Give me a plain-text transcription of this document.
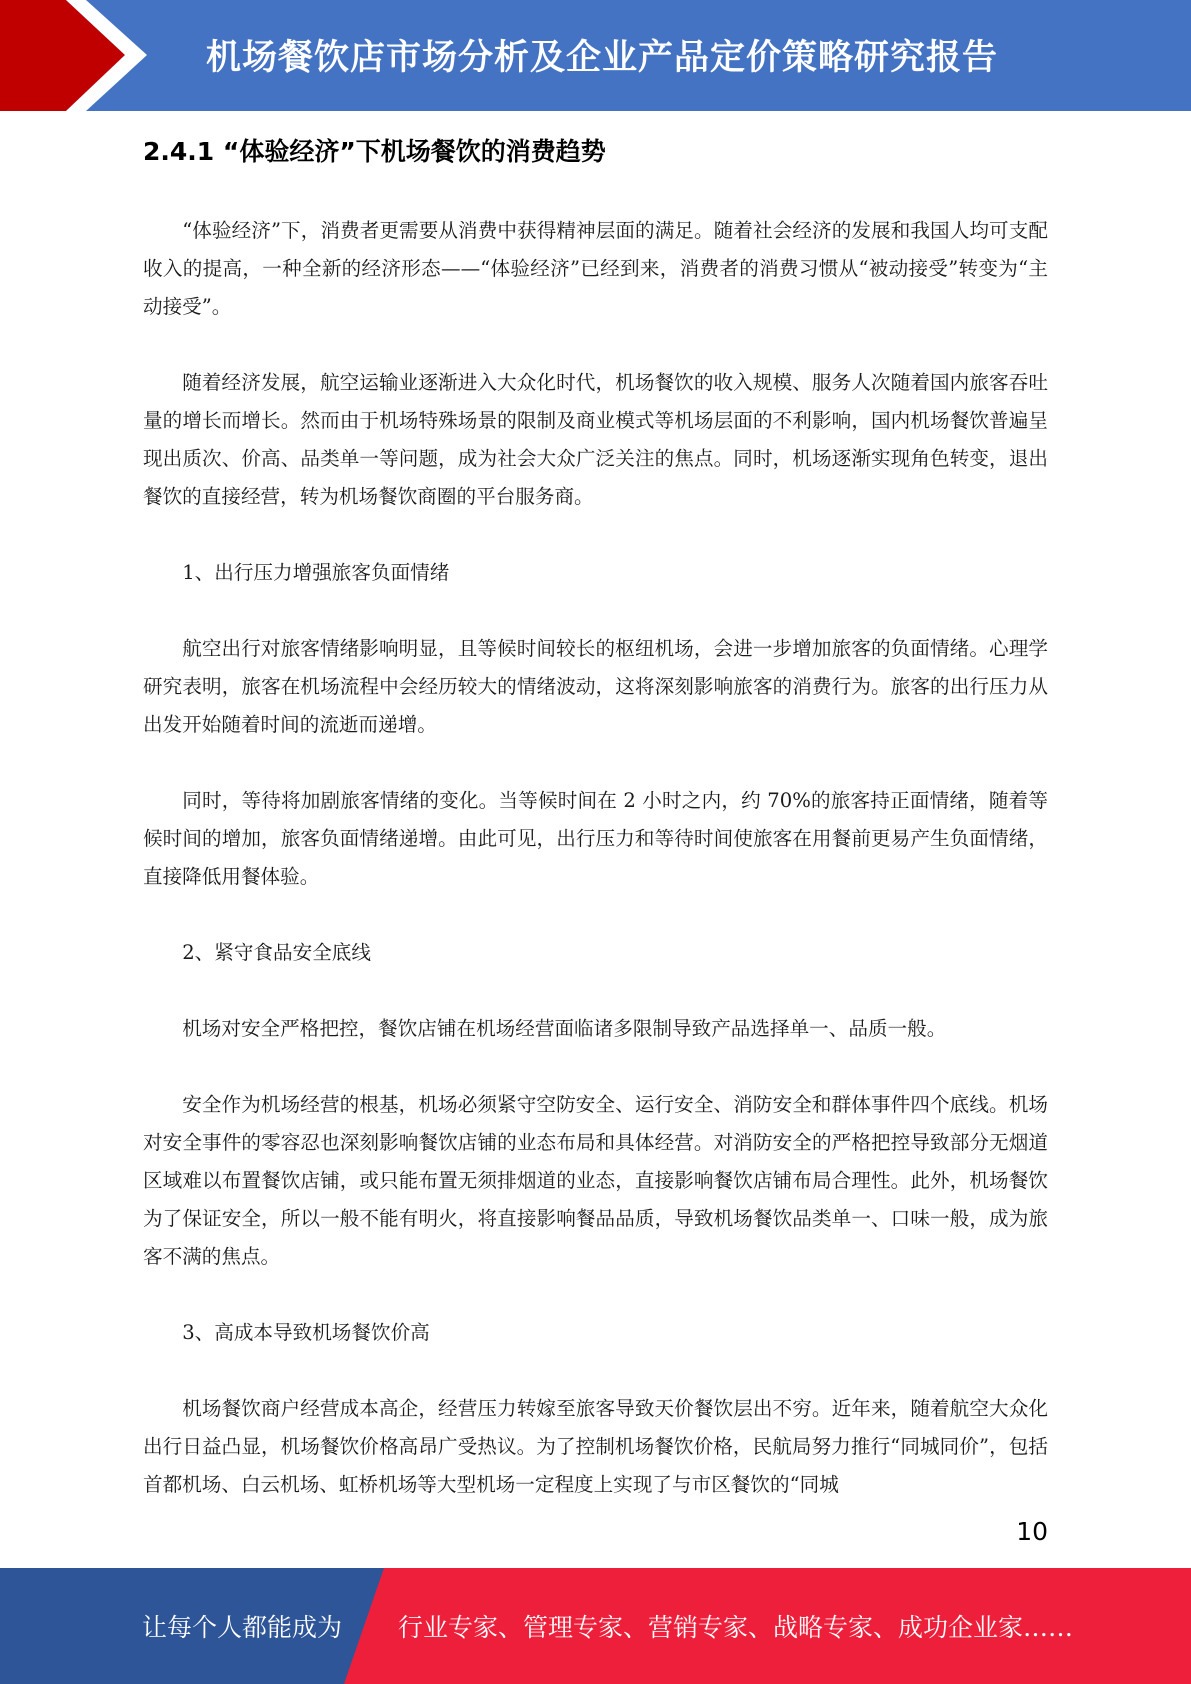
机场餐饮店市场分析及企业产品定价策略研究报告
2.4.1 “体验经济”下机场餐饮的消费趋势

“体验经济”下，消费者更需要从消费中获得精神层面的满足。随着社会经济的发展和我国人均可支配收入的提高，一种全新的经济形态——“体验经济”已经到来，消费者的消费习惯从“被动接受”转变为“主动接受”。

随着经济发展，航空运输业逐渐进入大众化时代，机场餐饮的收入规模、服务人次随着国内旅客吞吐量的增长而增长。然而由于机场特殊场景的限制及商业模式等机场层面的不利影响，国内机场餐饮普遍呈现出质次、价高、品类单一等问题，成为社会大众广泛关注的焦点。同时，机场逐渐实现角色转变，退出餐饮的直接经营，转为机场餐饮商圈的平台服务商。

1、出行压力增强旅客负面情绪

航空出行对旅客情绪影响明显，且等候时间较长的枢纽机场，会进一步增加旅客的负面情绪。心理学研究表明，旅客在机场流程中会经历较大的情绪波动，这将深刻影响旅客的消费行为。旅客的出行压力从出发开始随着时间的流逝而递增。

同时，等待将加剧旅客情绪的变化。当等候时间在 2 小时之内，约 70%的旅客持正面情绪，随着等候时间的增加，旅客负面情绪递增。由此可见，出行压力和等待时间使旅客在用餐前更易产生负面情绪，直接降低用餐体验。

2、紧守食品安全底线

机场对安全严格把控，餐饮店铺在机场经营面临诸多限制导致产品选择单一、品质一般。

安全作为机场经营的根基，机场必须紧守空防安全、运行安全、消防安全和群体事件四个底线。机场对安全事件的零容忍也深刻影响餐饮店铺的业态布局和具体经营。对消防安全的严格把控导致部分无烟道区域难以布置餐饮店铺，或只能布置无须排烟道的业态，直接影响餐饮店铺布局合理性。此外，机场餐饮为了保证安全，所以一般不能有明火，将直接影响餐品品质，导致机场餐饮品类单一、口味一般，成为旅客不满的焦点。

3、高成本导致机场餐饮价高

机场餐饮商户经营成本高企，经营压力转嫁至旅客导致天价餐饮层出不穷。近年来，随着航空大众化出行日益凸显，机场餐饮价格高昂广受热议。为了控制机场餐饮价格，民航局努力推行“同城同价”，包括首都机场、白云机场、虹桥机场等大型机场一定程度上实现了与市区餐饮的“同城

10
让每个人都能成为 行业专家、管理专家、营销专家、战略专家、成功企业家……
